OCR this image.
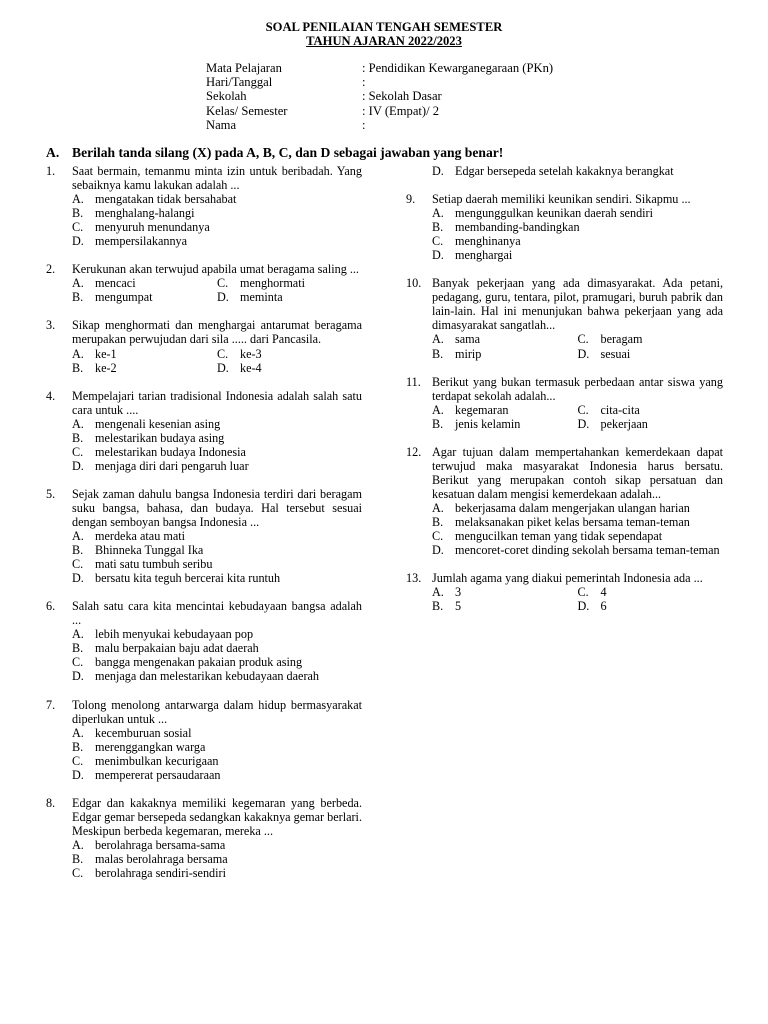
SOAL PENILAIAN TENGAH SEMESTER
TAHUN AJARAN 2022/2023
Mata Pelajaran	: Pendidikan Kewarganegaraan (PKn)
Hari/Tanggal	:
Sekolah	: Sekolah Dasar
Kelas/ Semester	: IV (Empat)/ 2
Nama	:
A. Berilah tanda silang (X) pada A, B, C, dan D sebagai jawaban yang benar!
1.	Saat bermain, temanmu minta izin untuk beribadah. Yang sebaiknya kamu lakukan adalah ...
A. mengatakan tidak bersahabat
B. menghalang-halangi
C. menyuruh menundanya
D. mempersilakannya
2.	Kerukunan akan terwujud apabila umat beragama saling ...
A. mencaci	C. menghormati
B. mengumpat	D. meminta
3.	Sikap menghormati dan menghargai antarumat beragama merupakan perwujudan dari sila ..... dari Pancasila.
A. ke-1	C. ke-3
B. ke-2	D. ke-4
4.	Mempelajari tarian tradisional Indonesia adalah salah satu cara untuk ....
A. mengenali kesenian asing
B. melestarikan budaya asing
C. melestarikan budaya Indonesia
D. menjaga diri dari pengaruh luar
5.	Sejak zaman dahulu bangsa Indonesia terdiri dari beragam suku bangsa, bahasa, dan budaya. Hal tersebut sesuai dengan semboyan bangsa Indonesia ...
A. merdeka atau mati
B. Bhinneka Tunggal Ika
C. mati satu tumbuh seribu
D. bersatu kita teguh bercerai kita runtuh
6.	Salah satu cara kita mencintai kebudayaan bangsa adalah ...
A. lebih menyukai kebudayaan pop
B. malu berpakaian baju adat daerah
C. bangga mengenakan pakaian produk asing
D. menjaga dan melestarikan kebudayaan daerah
7.	Tolong menolong antarwarga dalam hidup bermasyarakat diperlukan untuk ...
A. kecemburuan sosial
B. merenggangkan warga
C. menimbulkan kecurigaan
D. mempererat persaudaraan
8.	Edgar dan kakaknya memiliki kegemaran yang berbeda. Edgar gemar bersepeda sedangkan kakaknya gemar berlari. Meskipun berbeda kegemaran, mereka ...
A. berolahraga bersama-sama
B. malas berolahraga bersama
C. berolahraga sendiri-sendiri
D. Edgar bersepeda setelah kakaknya berangkat
9.	Setiap daerah memiliki keunikan sendiri. Sikapmu ...
A. mengunggulkan keunikan daerah sendiri
B. membanding-bandingkan
C. menghinanya
D. menghargai
10. Banyak pekerjaan yang ada dimasyarakat. Ada petani, pedagang, guru, tentara, pilot, pramugari, buruh pabrik dan lain-lain. Hal ini menunjukan bahwa pekerjaan yang ada dimasyarakat sangatlah...
A. sama	C. beragam
B. mirip	D. sesuai
11. Berikut yang bukan termasuk perbedaan antar siswa yang terdapat sekolah adalah...
A. kegemaran	C. cita-cita
B. jenis kelamin	D. pekerjaan
12. Agar tujuan dalam mempertahankan kemerdekaan dapat terwujud maka masyarakat Indonesia harus bersatu. Berikut yang merupakan contoh sikap persatuan dan kesatuan dalam mengisi kemerdekaan adalah...
A. bekerjasama dalam mengerjakan ulangan harian
B. melaksanakan piket kelas bersama teman-teman
C. mengucilkan teman yang tidak sependapat
D. mencoret-coret dinding sekolah bersama teman-teman
13. Jumlah agama yang diakui pemerintah Indonesia ada ...
A. 3	C. 4
B. 5	D. 6
